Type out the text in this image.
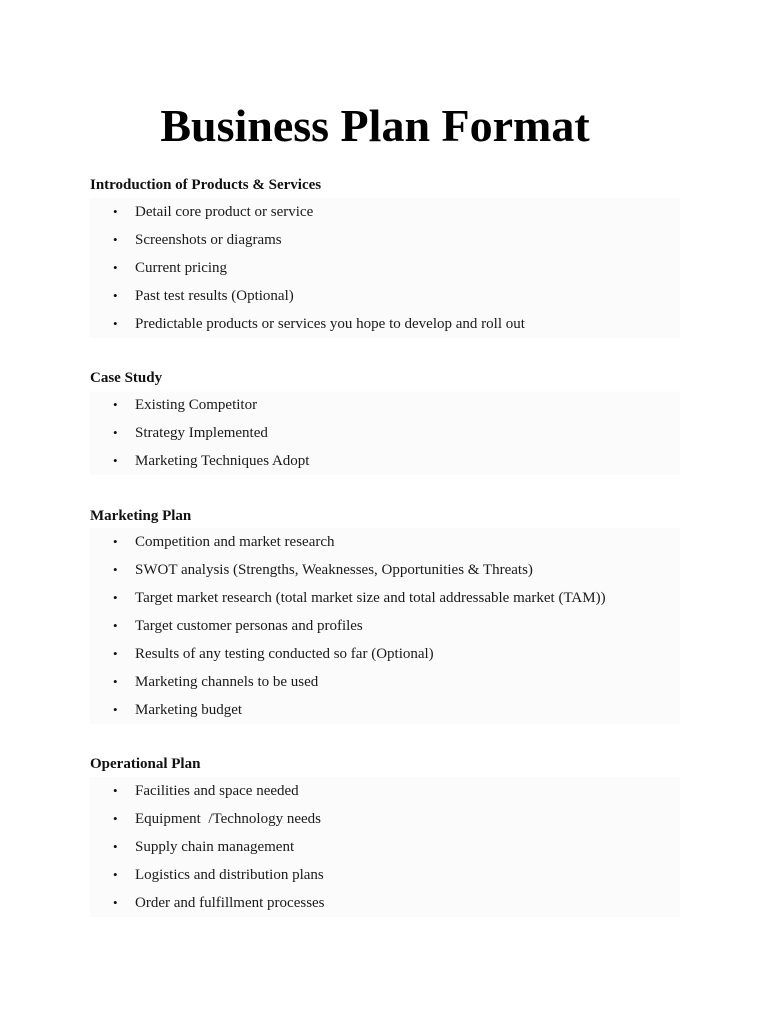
Business Plan Format
Introduction of Products & Services
• Detail core product or service
• Screenshots or diagrams
• Current pricing
• Past test results (Optional)
• Predictable products or services you hope to develop and roll out
Case Study
• Existing Competitor
• Strategy Implemented
• Marketing Techniques Adopt
Marketing Plan
• Competition and market research
• SWOT analysis (Strengths, Weaknesses, Opportunities & Threats)
• Target market research (total market size and total addressable market (TAM))
• Target customer personas and profiles
• Results of any testing conducted so far (Optional)
• Marketing channels to be used
• Marketing budget
Operational Plan
• Facilities and space needed
• Equipment  /Technology needs
• Supply chain management
• Logistics and distribution plans
• Order and fulfillment processes
